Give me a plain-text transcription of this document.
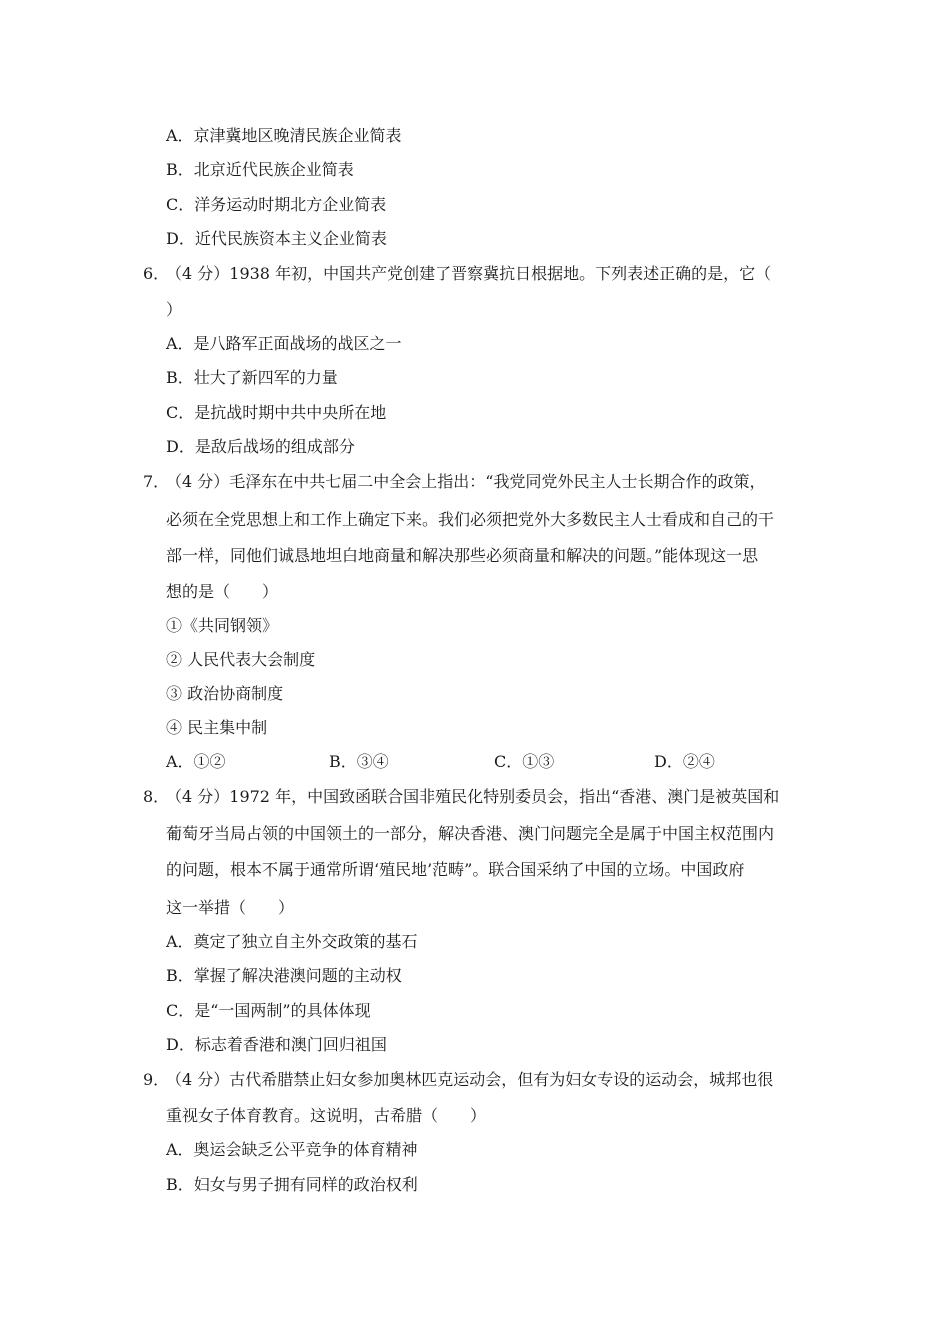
A．京津冀地区晚清民族企业简表
B．北京近代民族企业简表
C．洋务运动时期北方企业简表
D．近代民族资本主义企业简表
6．
（4 分）1938 年初，中国共产党创建了晋察冀抗日根据地。下列表述正确的是，它（
）
A．是八路军正面战场的战区之一
B．壮大了新四军的力量
C．是抗战时期中共中央所在地
D．是敌后战场的组成部分
7．
（4 分）毛泽东在中共七届二中全会上指出：“我党同党外民主人士长期合作的政策，
必须在全党思想上和工作上确定下来。我们必须把党外大多数民主人士看成和自己的干
部一样，同他们诚恳地坦白地商量和解决那些必须商量和解决的问题。”能体现这一思
想的是（　　）
①《共同钢领》
② 人民代表大会制度
③ 政治协商制度
④ 民主集中制
A．①②	B．③④	C．①③	D．②④
8．
（4 分）1972 年，中国致函联合国非殖民化特别委员会，指出“香港、澳门是被英国和
葡萄牙当局占领的中国领土的一部分，解决香港、澳门问题完全是属于中国主权范围内
的问题，根本不属于通常所谓‘殖民地’范畴”。联合国采纳了中国的立场。中国政府
这一举措（　　）
A．奠定了独立自主外交政策的基石
B．掌握了解决港澳问题的主动权
C．是“一国两制”的具体体现
D．标志着香港和澳门回归祖国
9．
（4 分）古代希腊禁止妇女参加奥林匹克运动会，但有为妇女专设的运动会，城邦也很
重视女子体育教育。这说明，古希腊（　　）
A．奥运会缺乏公平竞争的体育精神
B．妇女与男子拥有同样的政治权利
